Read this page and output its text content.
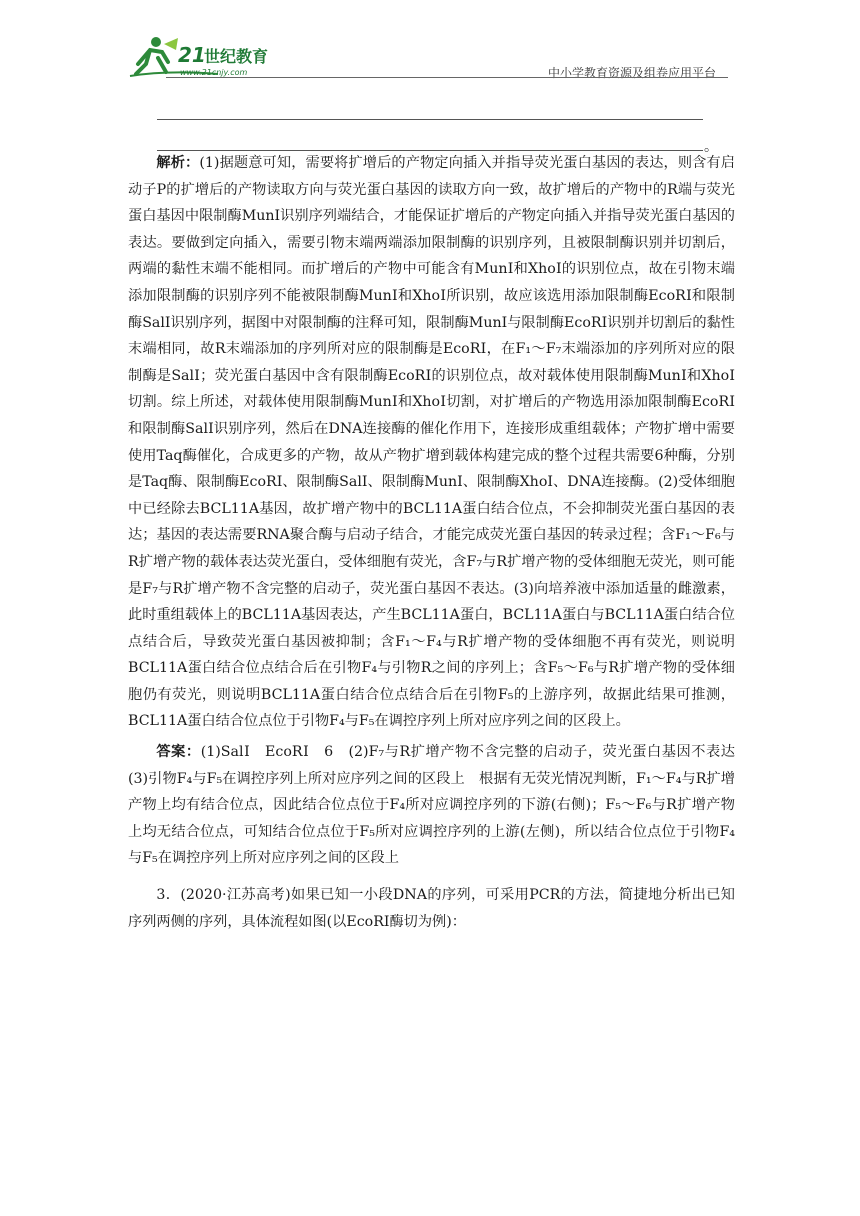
21
世纪教育
www.21cnjy.com	中小学教育资源及组卷应用平台
。

解析：(1)据题意可知，需要将扩增后的产物定向插入并指导荧光蛋白基因的表达，则含有启动子P的扩增后的产物读取方向与荧光蛋白基因的读取方向一致，故扩增后的产物中的R端与荧光蛋白基因中限制酶MunⅠ识别序列端结合，才能保证扩增后的产物定向插入并指导荧光蛋白基因的表达。要做到定向插入，需要引物末端两端添加限制酶的识别序列，且被限制酶识别并切割后，两端的黏性末端不能相同。而扩增后的产物中可能含有MunⅠ和XhoⅠ的识别位点，故在引物末端添加限制酶的识别序列不能被限制酶MunⅠ和XhoⅠ所识别，故应该选用添加限制酶EcoRⅠ和限制酶SalⅠ识别序列，据图中对限制酶的注释可知，限制酶MunⅠ与限制酶EcoRⅠ识别并切割后的黏性末端相同，故R末端添加的序列所对应的限制酶是EcoRⅠ，在F₁～F₇末端添加的序列所对应的限制酶是SalⅠ；荧光蛋白基因中含有限制酶EcoRⅠ的识别位点，故对载体使用限制酶MunⅠ和XhoⅠ切割。综上所述，对载体使用限制酶MunⅠ和XhoⅠ切割，对扩增后的产物选用添加限制酶EcoRⅠ和限制酶SalⅠ识别序列，然后在DNA连接酶的催化作用下，连接形成重组载体；产物扩增中需要使用Taq酶催化，合成更多的产物，故从产物扩增到载体构建完成的整个过程共需要6种酶，分别是Taq酶、限制酶EcoRⅠ、限制酶SalⅠ、限制酶MunⅠ、限制酶XhoⅠ、DNA连接酶。(2)受体细胞中已经除去BCL11A基因，故扩增产物中的BCL11A蛋白结合位点，不会抑制荧光蛋白基因的表达；基因的表达需要RNA聚合酶与启动子结合，才能完成荧光蛋白基因的转录过程；含F₁～F₆与R扩增产物的载体表达荧光蛋白，受体细胞有荧光，含F₇与R扩增产物的受体细胞无荧光，则可能是F₇与R扩增产物不含完整的启动子，荧光蛋白基因不表达。(3)向培养液中添加适量的雌激素，此时重组载体上的BCL11A基因表达，产生BCL11A蛋白，BCL11A蛋白与BCL11A蛋白结合位点结合后，导致荧光蛋白基因被抑制；含F₁～F₄与R扩增产物的受体细胞不再有荧光，则说明BCL11A蛋白结合位点结合后在引物F₄与引物R之间的序列上；含F₅～F₆与R扩增产物的受体细胞仍有荧光，则说明BCL11A蛋白结合位点结合后在引物F₅的上游序列，故据此结果可推测，BCL11A蛋白结合位点位于引物F₄与F₅在调控序列上所对应序列之间的区段上。

答案：(1)SalⅠ　EcoRⅠ　6　(2)F₇与R扩增产物不含完整的启动子，荧光蛋白基因不表达　(3)引物F₄与F₅在调控序列上所对应序列之间的区段上　根据有无荧光情况判断，F₁～F₄与R扩增产物上均有结合位点，因此结合位点位于F₄所对应调控序列的下游(右侧)；F₅～F₆与R扩增产物上均无结合位点，可知结合位点位于F₅所对应调控序列的上游(左侧)，所以结合位点位于引物F₄与F₅在调控序列上所对应序列之间的区段上

3．(2020·江苏高考)如果已知一小段DNA的序列，可采用PCR的方法，简捷地分析出已知序列两侧的序列，具体流程如图(以EcoRⅠ酶切为例)：
